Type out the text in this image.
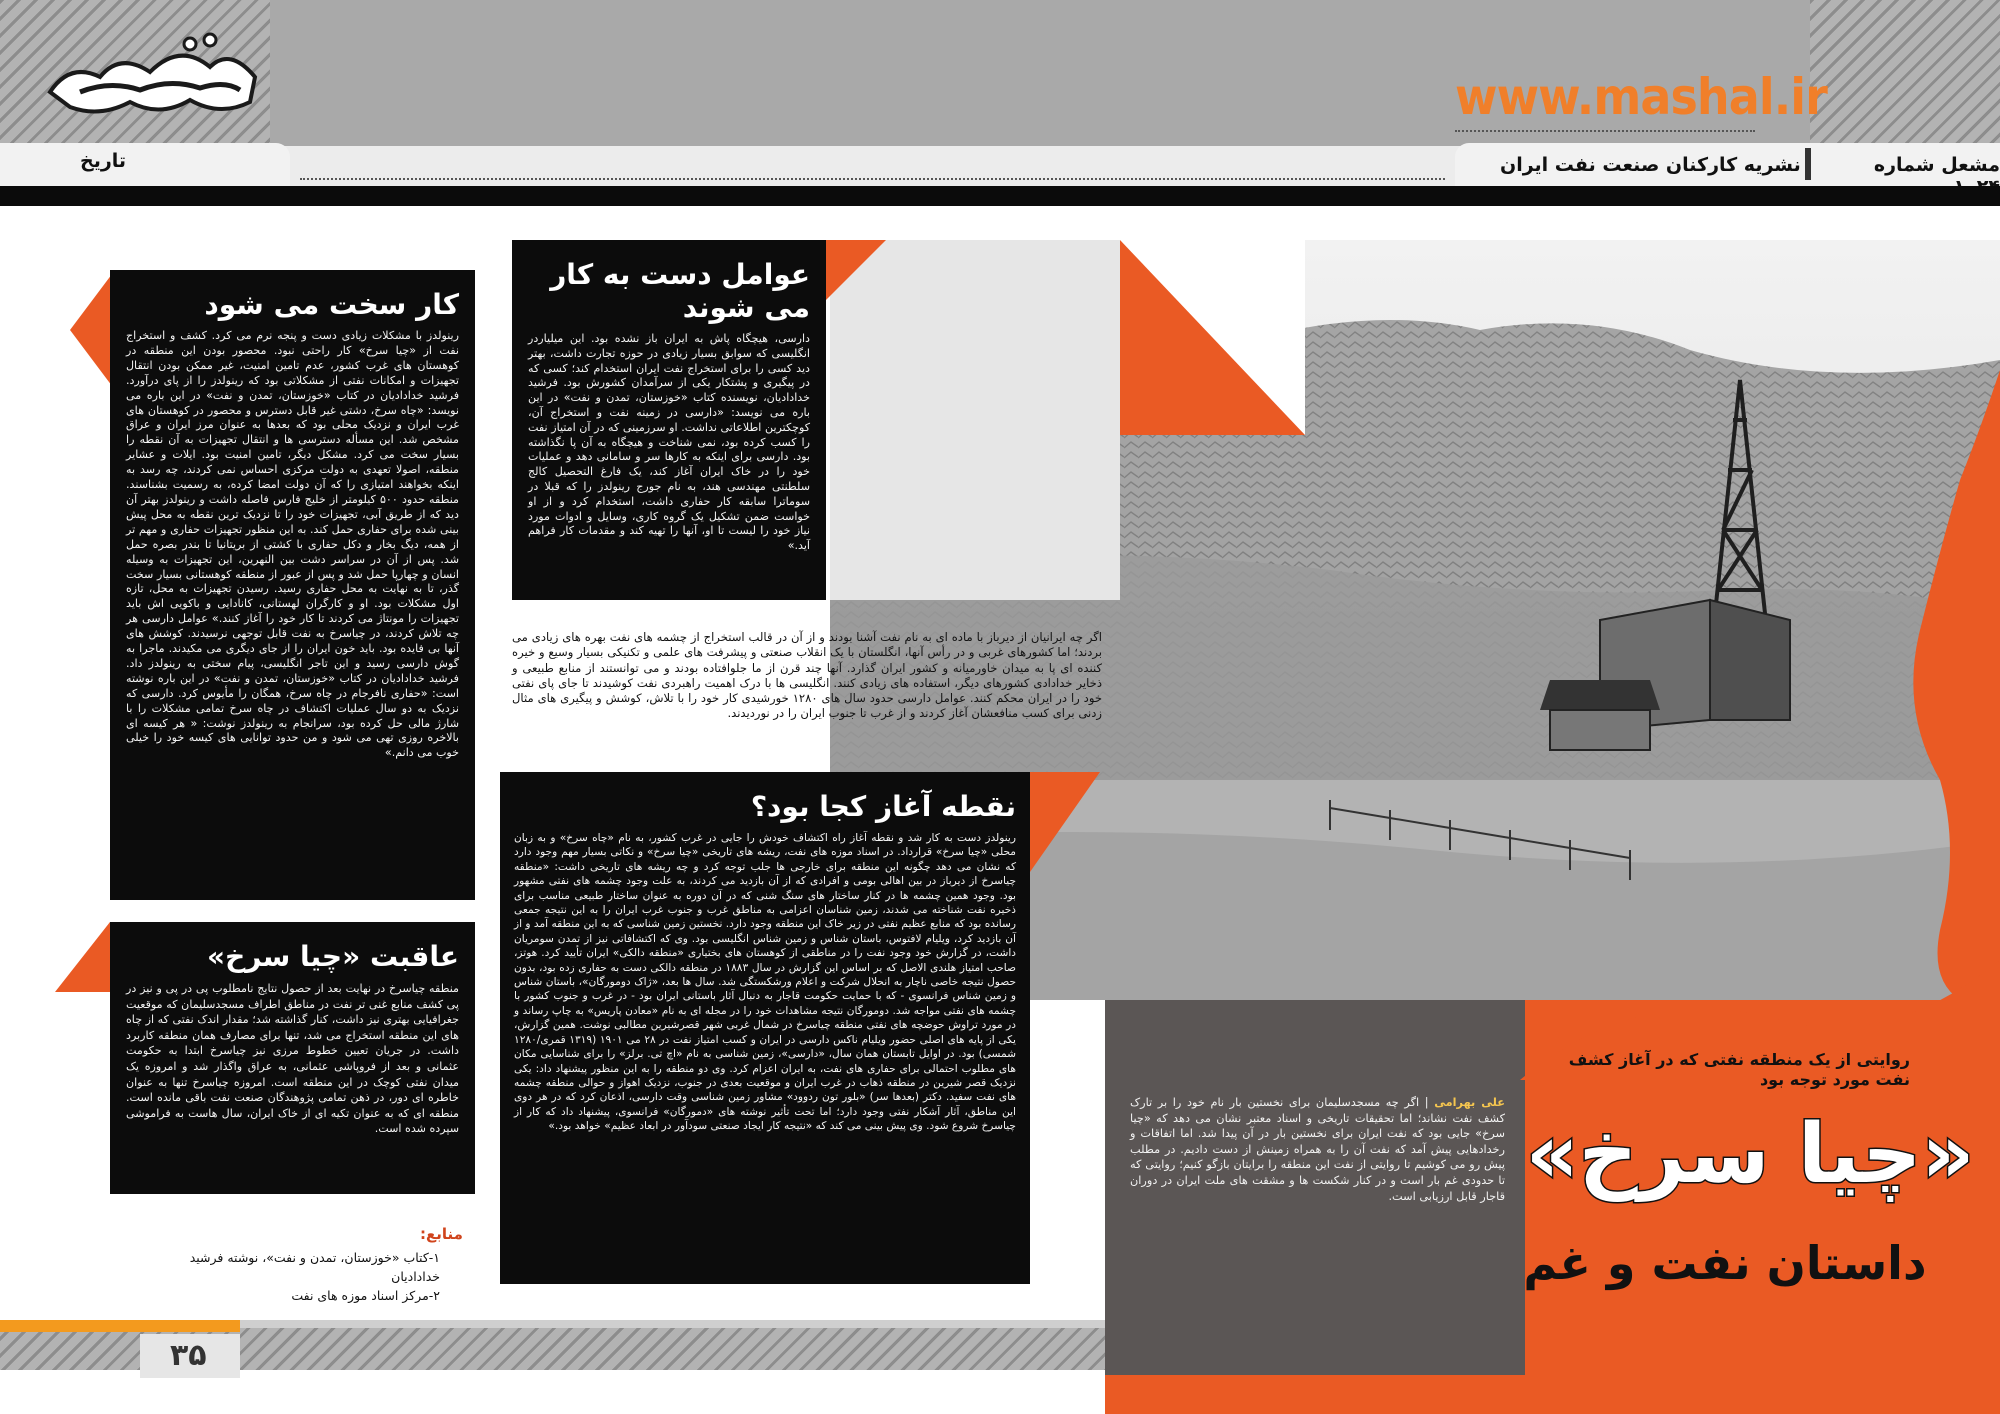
www.mashal.ir
مشعل شماره
نشریه کارکنان صنعت نفت ایران
تاریخ
عوامل دست به کار می شوند

دارسی، هیچگاه پاش به ایران باز نشده بود. این میلیاردر انگلیسی که سوابق بسیار زیادی در حوزه تجارت داشت، بهتر دید کسی را برای استخراج نفت ایران استخدام کند؛ کسی که در پیگیری و پشتکار یکی از سرآمدان کشورش بود. فرشید خدادادیان، نویسنده کتاب «خوزستان، تمدن و نفت» در این باره می نویسد: «دارسی در زمینه نفت و استخراج آن، کوچکترین اطلاعاتی نداشت. او سرزمینی که در آن امتیاز نفت را کسب کرده بود، نمی شناخت و هیچگاه به آن پا نگذاشته بود. دارسی برای اینکه به کارها سر و سامانی دهد و عملیات خود را در خاک ایران آغاز کند، یک فارغ التحصیل کالج سلطنتی مهندسی هند، به نام جورج رینولدز را که قبلا در سوماترا سابقه کار حفاری داشت، استخدام کرد و از او خواست ضمن تشکیل یک گروه کاری، وسایل و ادوات مورد نیاز خود را لیست تا او، آنها را تهیه کند و مقدمات کار فراهم آید.»

کار سخت می شود

رینولدز با مشکلات زیادی دست و پنجه نرم می کرد. کشف و استخراج نفت از «چیا سرخ» کار راحتی نبود. محصور بودن این منطقه در کوهستان های غرب کشور، عدم تامین امنیت، غیر ممکن بودن انتقال تجهیزات و امکانات نفتی از مشکلاتی بود که رینولدز را از پای درآورد. فرشید خدادادیان در کتاب «خوزستان، تمدن و نفت» در این باره می نویسد: «چاه سرخ، دشتی غیر قابل دسترس و محصور در کوهستان های غرب ایران و نزدیک محلی بود که بعدها به عنوان مرز ایران و عراق مشخص شد. این مسأله دسترسی ها و انتقال تجهیزات به آن نقطه را بسیار سخت می کرد. مشکل دیگر، تامین امنیت بود. ایلات و عشایر منطقه، اصولا تعهدی به دولت مرکزی احساس نمی کردند، چه رسد به اینکه بخواهند امتیازی را که آن دولت امضا کرده، به رسمیت بشناسند. منطقه حدود ۵۰۰ کیلومتر از خلیج فارس فاصله داشت و رینولدز بهتر آن دید که از طریق آبی، تجهیزات خود را تا نزدیک ترین نقطه به محل پیش بینی شده برای حفاری حمل کند. به این منظور تجهیزات حفاری و مهم تر از همه، دیگ بخار و دکل حفاری با کشتی از بریتانیا تا بندر بصره حمل شد. پس از آن در سراسر دشت بین النهرین، این تجهیزات به وسیله انسان و چهارپا حمل شد و پس از عبور از منطقه کوهستانی بسیار سخت گذر، تا به نهایت به محل حفاری رسید. رسیدن تجهیزات به محل، تازه اول مشکلات بود. او و کارگران لهستانی، کانادایی و باکویی اش باید تجهیزات را مونتاژ می کردند تا کار خود را آغاز کنند.» عوامل دارسی هر چه تلاش کردند، در چیاسرخ به نفت قابل توجهی نرسیدند. کوشش های آنها بی فایده بود. باید خون ایران را از جای دیگری می مکیدند. ماجرا به گوش دارسی رسید و این تاجر انگلیسی، پیام سختی به رینولدز داد. فرشید خدادادیان در کتاب «خوزستان، تمدن و نفت» در این باره نوشته است: «حفاری نافرجام در چاه سرخ، همگان را مأیوس کرد. دارسی که نزدیک به دو سال عملیات اکتشاف در چاه سرخ تمامی مشکلات را با شارژ مالی حل کرده بود، سرانجام به رینولدز نوشت: « هر کیسه ای بالاخره روزی تهی می شود و من حدود توانایی های کیسه خود را خیلی خوب می دانم.»

اگر چه ایرانیان از دیرباز با ماده ای به نام نفت آشنا بودند و از آن در قالب استخراج از چشمه های نفت بهره های زیادی می بردند؛ اما کشورهای غربی و در رأس آنها، انگلستان با یک انقلاب صنعتی و پیشرفت های علمی و تکنیکی بسیار وسیع و خیره کننده ای پا به میدان خاورمیانه و کشور ایران گذارد. آنها چند قرن از ما جلوافتاده بودند و می توانستند از منابع طبیعی و ذخایر خدادادی کشورهای دیگر، استفاده های زیادی کنند. انگلیسی ها با درک اهمیت راهبردی نفت کوشیدند تا جای پای نفتی خود را در ایران محکم کنند. عوامل دارسی حدود سال های ۱۲۸۰ خورشیدی کار خود را با تلاش، کوشش و پیگیری های مثال زدنی برای کسب منافعشان آغاز کردند و از غرب تا جنوب ایران را در نوردیدند.
نقطه آغاز کجا بود؟

رینولدز دست به کار شد و نقطه آغاز راه اکتشاف خودش را جایی در غرب کشور، به نام «چاه سرخ» و به زبان محلی «چیا سرخ» قرارداد. در اسناد موزه های نفت، ریشه های تاریخی «چیا سرخ» و نکاتی بسیار مهم وجود دارد که نشان می دهد چگونه این منطقه برای خارجی ها جلب توجه کرد و چه ریشه های تاریخی داشت: «منطقه چیاسرخ از دیرباز در بین اهالی بومی و افرادی که از آن بازدید می کردند، به علت وجود چشمه های نفتی مشهور بود. وجود همین چشمه ها در کنار ساختار های سنگ شنی که در آن دوره به عنوان ساختار طبیعی مناسب برای ذخیره نفت شناخته می شدند، زمین شناسان اعزامی به مناطق غرب و جنوب غرب ایران را به این نتیجه جمعی رسانده بود که منابع عظیم نفتی در زیر خاک این منطقه وجود دارد. نخستین زمین شناسی که به این منطقه آمد و از آن بازدید کرد، ویلیام لافتوس، باستان شناس و زمین شناس انگلیسی بود. وی که اکتشافاتی نیز از تمدن سومریان داشت، در گزارش خود وجود نفت را در مناطقی از کوهستان های بختیاری «منطقه دالکی» ایران تأیید کرد. هوتز، صاحب امتیاز هلندی الاصل که بر اساس این گزارش در سال ۱۸۸۳ در منطقه دالکی دست به حفاری زده بود، بدون حصول نتیجه خاصی ناچار به انحلال شرکت و اعلام ورشکستگی شد. سال ها بعد، «ژاک دومورگان»، باستان شناس و زمین شناس فرانسوی - که با حمایت حکومت قاجار به دنبال آثار باستانی ایران بود - در غرب و جنوب کشور با چشمه های نفتی مواجه شد. دومورگان نتیجه مشاهدات خود را در مجله ای به نام «معادن پاریس» به چاپ رساند و در مورد تراوش حوضچه های نفتی منطقه چیاسرخ در شمال غربی شهر قصرشیرین مطالبی نوشت. همین گزارش، یکی از پایه های اصلی حضور ویلیام ناکس دارسی در ایران و کسب امتیاز نفت در ۲۸ می ۱۹۰۱ (۱۳۱۹ قمری/۱۲۸۰ شمسی) بود. در اوایل تابستان همان سال، «دارسی»، زمین شناسی به نام «اچ تی. برلز» را برای شناسایی مکان های مطلوب احتمالی برای حفاری های نفت، به ایران اعزام کرد. وی دو منطقه را به این منظور پیشنهاد داد: یکی نزدیک قصر شیرین در منطقه ذهاب در غرب ایران و موقعیت بعدی در جنوب، نزدیک اهواز و حوالی منطقه چشمه های نفت سفید. دکتر (بعدها سر) «بلور تون ردوود» مشاور زمین شناسی وقت دارسی، اذعان کرد که در هر دوی این مناطق، آثار آشکار نفتی وجود دارد؛ اما تحت تأثیر نوشته های «دمورگان» فرانسوی، پیشنهاد داد که کار از چیاسرخ شروع شود. وی پیش بینی می کند که «نتیجه کار ایجاد صنعتی سودآور در ابعاد عظیم» خواهد بود.»

عاقبت «چیا سرخ»

منطقه چیاسرخ در نهایت بعد از حصول نتایج نامطلوب پی در پی و نیز در پی کشف منابع غنی تر نفت در مناطق اطراف مسجدسلیمان که موقعیت جغرافیایی بهتری نیز داشت، کنار گذاشته شد؛ مقدار اندک نفتی که از چاه های این منطقه استخراج می شد، تنها برای مصارف همان منطقه کاربرد داشت. در جریان تعیین خطوط مرزی نیز چیاسرخ ابتدا به حکومت عثمانی و بعد از فروپاشی عثمانی، به عراق واگذار شد و امروزه یک میدان نفتی کوچک در این منطقه است. امروزه چیاسرخ تنها به عنوان خاطره ای دور، در ذهن تمامی پژوهندگان صنعت نفت باقی مانده است. منطقه ای که به عنوان تکیه ای از خاک ایران، سال هاست به فراموشی سپرده شده است.

منابع:
۱-کتاب «خوزستان، تمدن و نفت»، نوشته فرشید خدادادیان
۲-مرکز اسناد موزه های نفت
روایتی از یک منطقه نفتی که در آغاز کشف نفت مورد توجه بود
علی بهرامی | اگر چه مسجدسلیمان برای نخستین بار نام خود را بر تارک کشف نفت نشاند؛ اما تحقیقات تاریخی و اسناد معتبر نشان می دهد که «چیا سرخ» جایی بود که نفت ایران برای نخستین بار در آن پیدا شد. اما اتفاقات و رخدادهایی پیش آمد که نفت آن را به همراه زمینش از دست دادیم. در مطلب پیش رو می کوشیم تا روایتی از نفت این منطقه را برایتان بازگو کنیم؛ روایتی که تا حدودی غم بار است و در کنار شکست ها و مشقت های ملت ایران در دوران قاجار قابل ارزیابی است. «چیا سرخ»
داستان نفت و غم
۳۵
